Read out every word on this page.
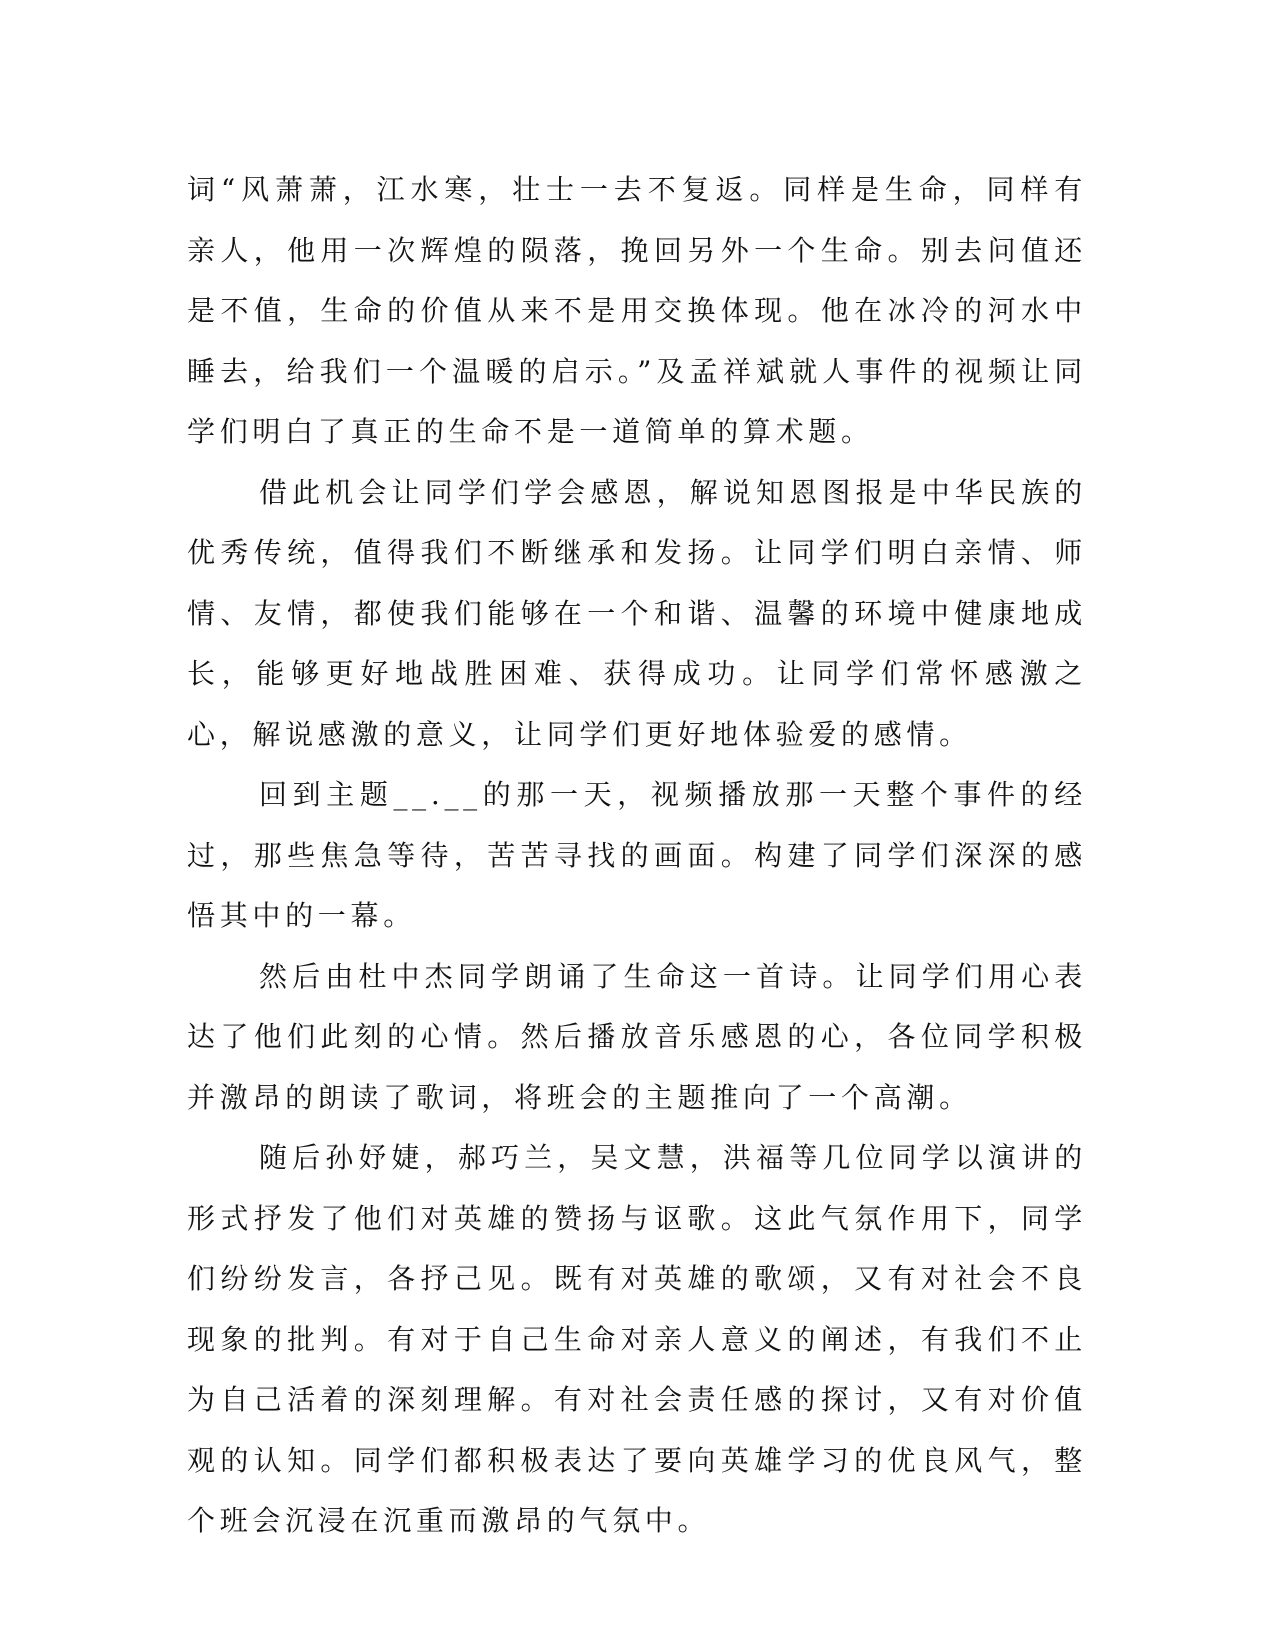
词“风萧萧，江水寒，壮士一去不复返。同样是生命，同样有亲人，他用一次辉煌的陨落，挽回另外一个生命。别去问值还是不值，生命的价值从来不是用交换体现。他在冰冷的河水中睡去，给我们一个温暖的启示。”及孟祥斌就人事件的视频让同学们明白了真正的生命不是一道简单的算术题。

借此机会让同学们学会感恩，解说知恩图报是中华民族的优秀传统，值得我们不断继承和发扬。让同学们明白亲情、师情、友情，都使我们能够在一个和谐、温馨的环境中健康地成长，能够更好地战胜困难、获得成功。让同学们常怀感激之心，解说感激的意义，让同学们更好地体验爱的感情。

回到主题__.__的那一天，视频播放那一天整个事件的经过，那些焦急等待，苦苦寻找的画面。构建了同学们深深的感悟其中的一幕。

然后由杜中杰同学朗诵了生命这一首诗。让同学们用心表达了他们此刻的心情。然后播放音乐感恩的心，各位同学积极并激昂的朗读了歌词，将班会的主题推向了一个高潮。

随后孙妤婕，郝巧兰，吴文慧，洪福等几位同学以演讲的形式抒发了他们对英雄的赞扬与讴歌。这此气氛作用下，同学们纷纷发言，各抒己见。既有对英雄的歌颂，又有对社会不良现象的批判。有对于自己生命对亲人意义的阐述，有我们不止为自己活着的深刻理解。有对社会责任感的探讨，又有对价值观的认知。同学们都积极表达了要向英雄学习的优良风气，整个班会沉浸在沉重而激昂的气氛中。
